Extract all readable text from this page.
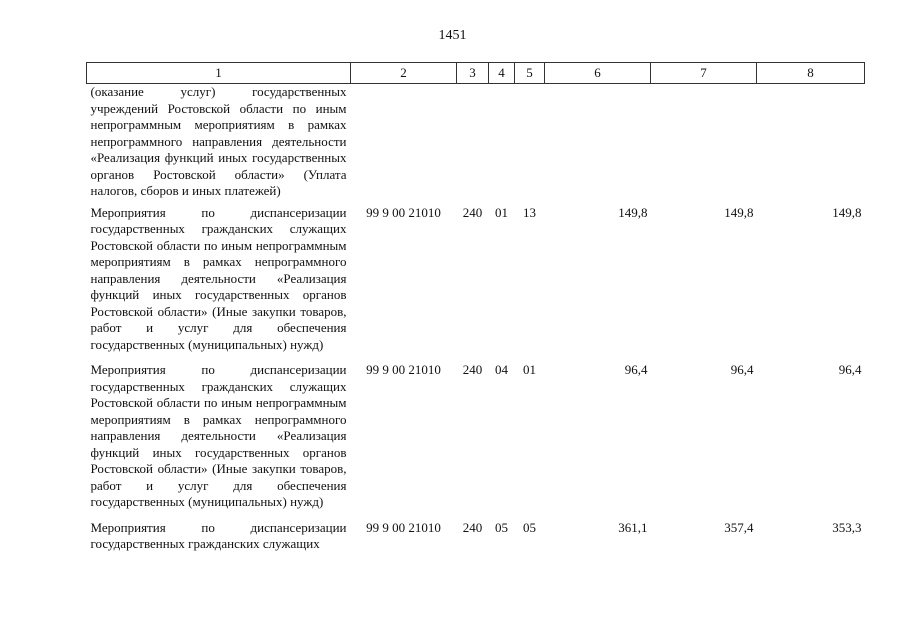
1451
1	2	3	4	5	6	7	8
(оказание услуг) государственных учреждений Ростовской области по иным непрограммным мероприятиям в рамках непрограммного направления деятельности «Реализация функций иных государственных органов Ростовской области» (Уплата налогов, сборов и иных платежей)							
Мероприятия по диспансеризации государственных гражданских служащих Ростовской области по иным непрограммным мероприятиям в рамках непрограммного направления деятельности «Реализация функций иных государственных органов Ростовской области» (Иные закупки товаров, работ и услуг для обеспечения государственных (муниципальных) нужд)	99 9 00 21010	240	01	13	149,8	149,8	149,8
Мероприятия по диспансеризации государственных гражданских служащих Ростовской области по иным непрограммным мероприятиям в рамках непрограммного направления деятельности «Реализация функций иных государственных органов Ростовской области» (Иные закупки товаров, работ и услуг для обеспечения государственных (муниципальных) нужд)	99 9 00 21010	240	04	01	96,4	96,4	96,4
Мероприятия по диспансеризации государственных гражданских служащих	99 9 00 21010	240	05	05	361,1	357,4	353,3
